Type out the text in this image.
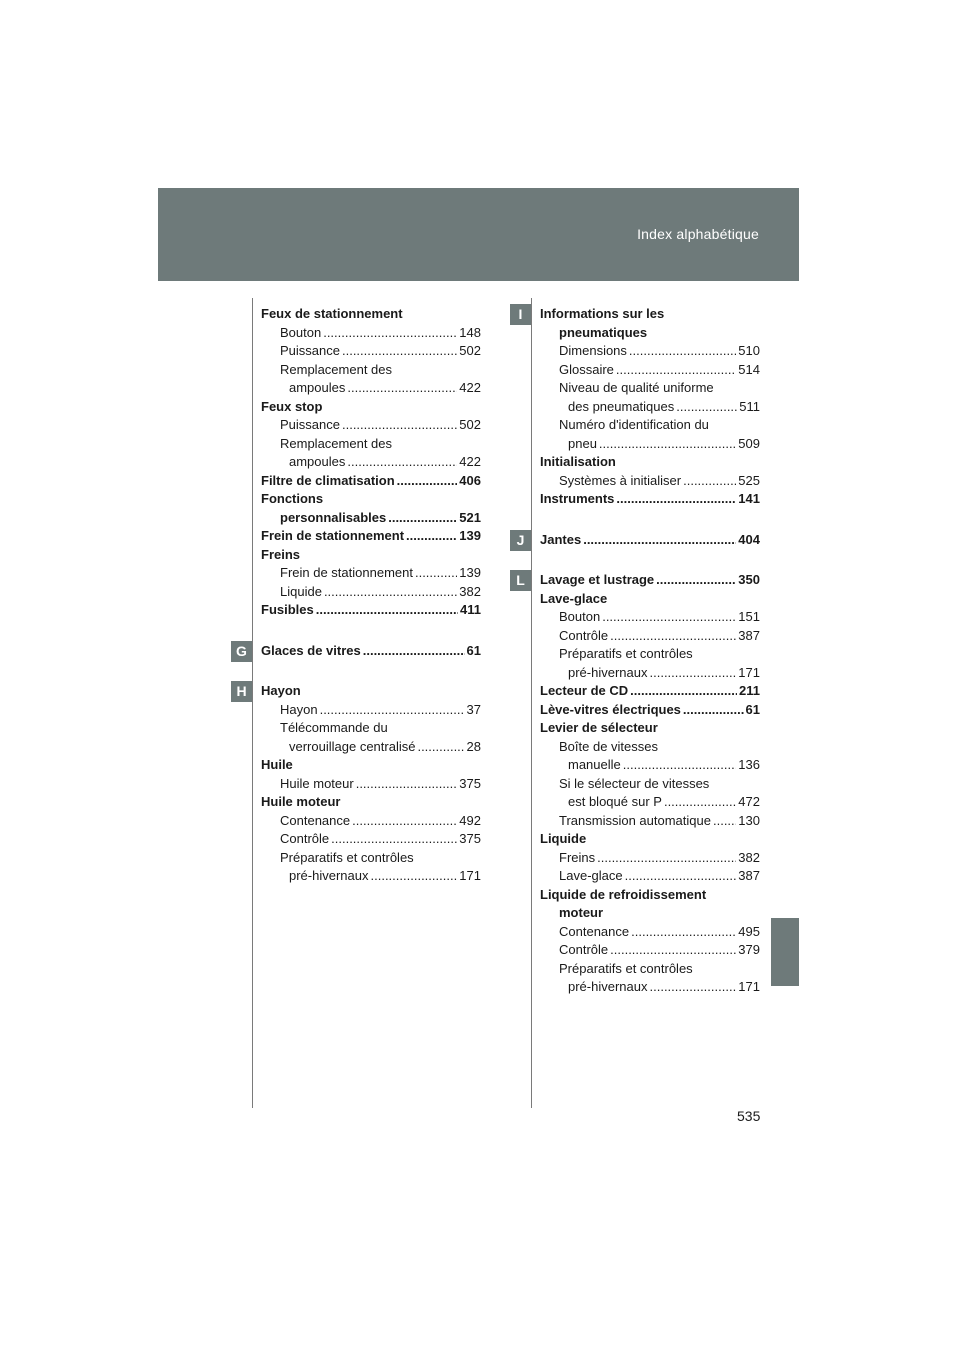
Index alphabétique
Feux de stationnement
Bouton .....	148
Puissance .....	502
Remplacement des
ampoules .....	422
Feux stop
Puissance .....	502
Remplacement des
ampoules .....	422
Filtre de climatisation .....	406
Fonctions
personnalisables .....	521
Frein de stationnement .....	139
Freins
Frein de stationnement .....	139
Liquide .....	382
Fusibles .....	411
Glaces de vitres .....	61
Hayon
Hayon .....	37
Télécommande du
verrouillage centralisé .....	28
Huile
Huile moteur .....	375
Huile moteur
Contenance .....	492
Contrôle .....	375
Préparatifs et contrôles
pré-hivernaux .....	171
Informations sur les
pneumatiques
Dimensions .....	510
Glossaire .....	514
Niveau de qualité uniforme
des pneumatiques .....	511
Numéro d'identification du
pneu .....	509
Initialisation
Systèmes à initialiser .....	525
Instruments .....	141
Jantes .....	404
Lavage et lustrage .....	350
Lave-glace
Bouton .....	151
Contrôle .....	387
Préparatifs et contrôles
pré-hivernaux .....	171
Lecteur de CD .....	211
Lève-vitres électriques .....	61
Levier de sélecteur
Boîte de vitesses
manuelle .....	136
Si le sélecteur de vitesses
est bloqué sur P .....	472
Transmission automatique ..... 130
Liquide
Freins .....	382
Lave-glace .....	387
Liquide de refroidissement
moteur
Contenance .....	495
Contrôle .....	379
Préparatifs et contrôles
pré-hivernaux .....	171
535
G
H
I
J
L
